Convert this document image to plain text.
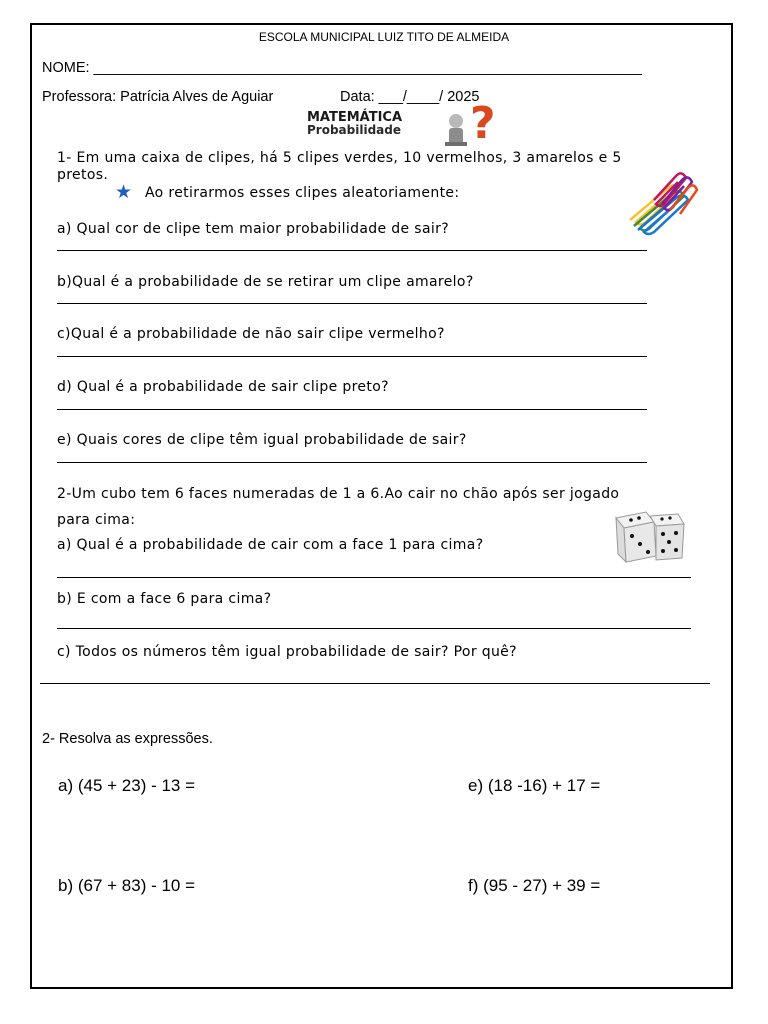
ESCOLA MUNICIPAL LUIZ TITO DE ALMEIDA
NOME: ____________________________________________________________________
Professora: Patrícia Alves de Aguiar	Data: ___/____/ 2025
MATEMÁTICA
Probabilidade ?
1- Em uma caixa de clipes, há 5 clipes verdes, 10 vermelhos, 3 amarelos e 5
pretos.
★ Ao retirarmos esses clipes aleatoriamente:
a) Qual cor de clipe tem maior probabilidade de sair?
b)Qual é a probabilidade de se retirar um clipe amarelo?
c)Qual é a probabilidade de não sair clipe vermelho?
d) Qual é a probabilidade de sair clipe preto?
e) Quais cores de clipe têm igual probabilidade de sair?
2-Um cubo tem 6 faces numeradas de 1 a 6.Ao cair no chão após ser jogado
para cima:
a) Qual é a probabilidade de cair com a face 1 para cima?
b) E com a face 6 para cima?
c) Todos os números têm igual probabilidade de sair? Por quê?
2- Resolva as expressões.
a) (45 + 23) - 13 =	e) (18 -16) + 17 =
b) (67 + 83) - 10 =	f) (95 - 27) + 39 =
